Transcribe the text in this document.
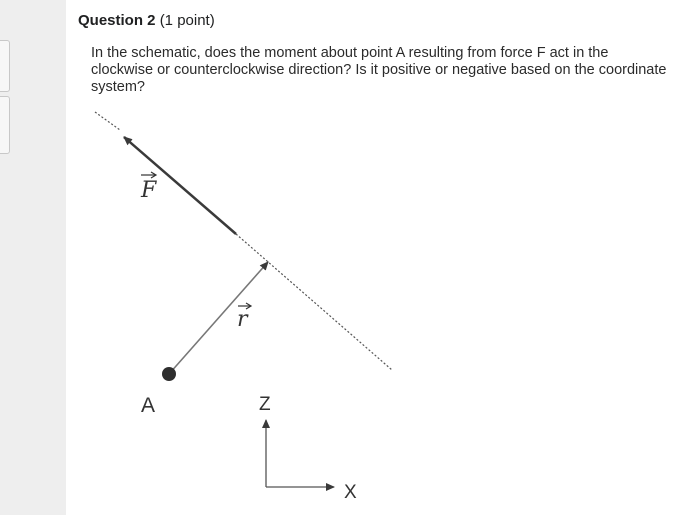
Question 2 (1 point)
In the schematic, does the moment about point A resulting from force F act in the clockwise or counterclockwise direction? Is it positive or negative based on the coordinate system?
F
r
A	Z
X
